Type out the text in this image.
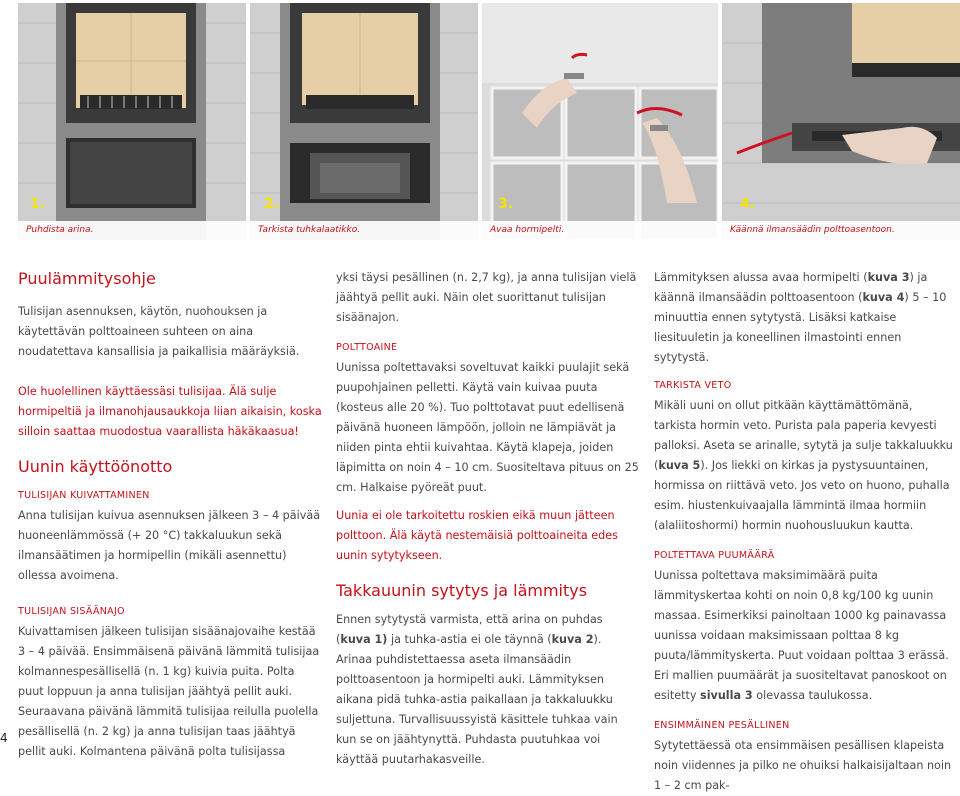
Puhdista arina.
1.
Tarkista tuhkalaatikko.
2.
Avaa hormipelti.
3.
Käännä ilmansäädin polttoasentoon.
4.

Puulämmitysohje

Tulisijan asennuksen, käytön, nuohouksen ja käytettävän polttoaineen suhteen on aina noudatettava kansallisia ja paikallisia määräyksiä.

Ole huolellinen käyttäessäsi tulisijaa. Älä sulje hormipeltiä ja ilmanohjausaukkoja liian aikaisin, koska silloin saattaa muodostua vaarallista häkäkaasua!

Uunin käyttöönotto

TULISIJAN KUIVATTAMINEN

Anna tulisijan kuivua asennuksen jälkeen 3 – 4 päivää huoneenlämmössä (+ 20 °C) takkaluukun sekä ilmansäätimen ja hormipellin (mikäli asennettu) ollessa avoimena.

TULISIJAN SISÄÄNAJO

Kuivattamisen jälkeen tulisijan sisäänajovaihe kestää 3 – 4 päivää. Ensimmäisenä päivänä lämmitä tulisijaa kolmannespesällisellä (n. 1 kg) kuivia puita. Polta puut loppuun ja anna tulisijan jäähtyä pellit auki. Seuraavana päivänä lämmitä tulisijaa reilulla puolella pesällisellä (n. 2 kg) ja anna tulisijan taas jäähtyä pellit auki. Kolmantena päivänä polta tulisijassa

yksi täysi pesällinen (n. 2,7 kg), ja anna tulisijan vielä jäähtyä pellit auki. Näin olet suorittanut tulisijan sisäänajon.

POLTTOAINE

Uunissa poltettavaksi soveltuvat kaikki puulajit sekä puupohjainen pelletti. Käytä vain kuivaa puuta (kosteus alle 20 %). Tuo polttotavat puut edellisenä päivänä huoneen lämpöön, jolloin ne lämpiävät ja niiden pinta ehtii kuivahtaa. Käytä klapeja, joiden läpimitta on noin 4 – 10 cm. Suositeltava pituus on 25 cm. Halkaise pyöreät puut.

Uunia ei ole tarkoitettu roskien eikä muun jätteen polttoon. Älä käytä nestemäisiä polttoaineita edes uunin sytytykseen.

Takkauunin sytytys ja lämmitys

Ennen sytytystä varmista, että arina on puhdas (kuva 1) ja tuhka-astia ei ole täynnä (kuva 2). Arinaa puhdistettaessa aseta ilmansäädin polttoasentoon ja hormipelti auki. Lämmityksen aikana pidä tuhka-astia paikallaan ja takkaluukku suljettuna. Turvallisuussyistä käsittele tuhkaa vain kun se on jäähtynyttä. Puhdasta puutuhkaa voi käyttää puutarhakasveille.

Lämmityksen alussa avaa hormipelti (kuva 3) ja käännä ilmansäädin polttoasentoon (kuva 4) 5 – 10 minuuttia ennen sytytystä. Lisäksi katkaise liesituuletin ja koneellinen ilmastointi ennen sytytystä.

TARKISTA VETO

Mikäli uuni on ollut pitkään käyttämättömänä, tarkista hormin veto. Purista pala paperia kevyesti palloksi. Aseta se arinalle, sytytä ja sulje takkaluukku (kuva 5). Jos liekki on kirkas ja pystysuuntainen, hormissa on riittävä veto. Jos veto on huono, puhalla esim. hiustenkuivaajalla lämmintä ilmaa hormiin (alaliitoshormi) hormin nuohousluukun kautta.

POLTETTAVA PUUMÄÄRÄ

Uunissa poltettava maksimimäärä puita lämmityskertaa kohti on noin 0,8 kg/100 kg uunin massaa. Esimerkiksi painoltaan 1000 kg painavassa uunissa voidaan maksimissaan polttaa 8 kg puuta/lämmityskerta. Puut voidaan polttaa 3 erässä. Eri mallien puumäärät ja suositeltavat panoskoot on esitetty sivulla 3 olevassa taulukossa.

ENSIMMÄINEN PESÄLLINEN

Sytytettäessä ota ensimmäisen pesällisen klapeista noin viidennes ja pilko ne ohuiksi halkaisijaltaan noin 1 – 2 cm pak-

4
